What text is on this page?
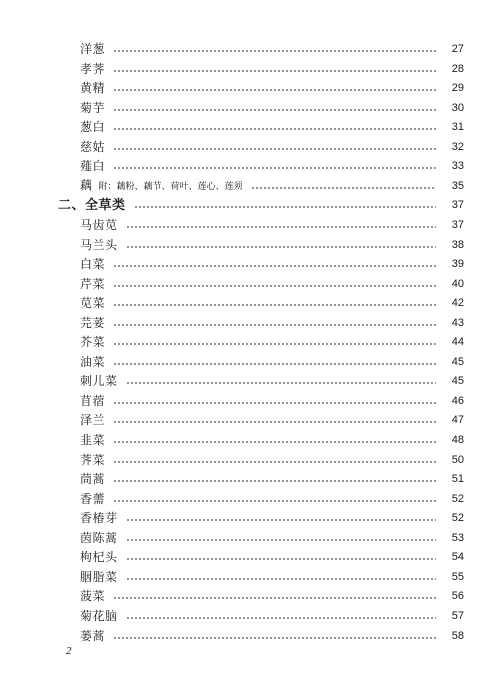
洋葱	27
孝荠	28
黄精	29
菊芋	30
葱白	31
慈姑	32
薤白	33
藕 附：藕粉、藕节、荷叶、莲心、莲须	35
二、全草类	37
马齿苋	37
马兰头	38
白菜	39
芹菜	40
苋菜	42
芫荽	43
芥菜	44
油菜	45
刺儿菜	45
苜蓿	46
泽兰	47
韭菜	48
荠菜	50
茼蒿	51
香薷	52
香椿芽	52
茵陈蒿	53
枸杞头	54
胭脂菜	55
菠菜	56
菊花脑	57
蒌蒿	58
2
